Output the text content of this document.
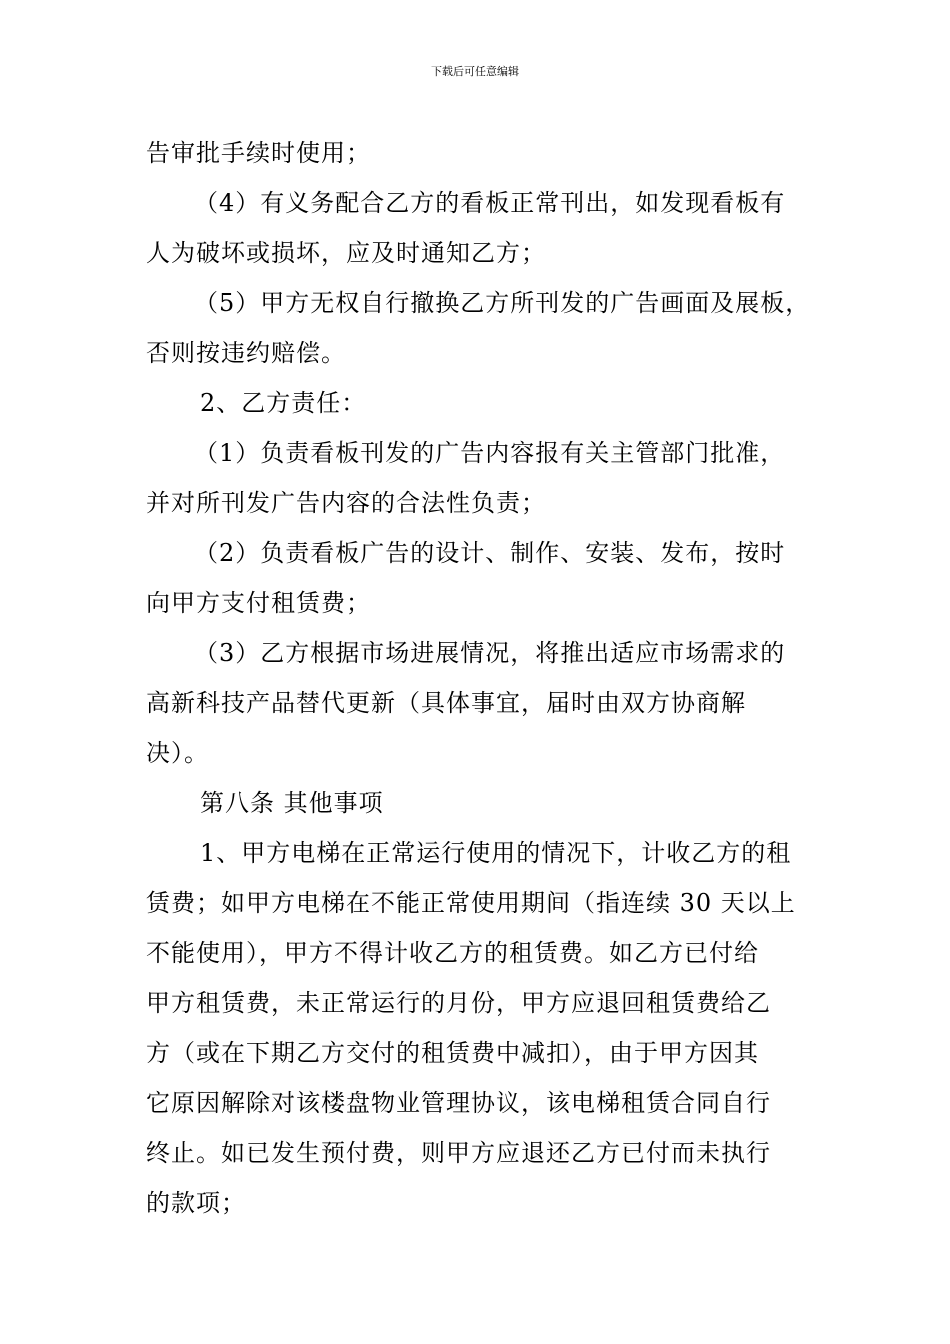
下载后可任意编辑
告审批手续时使用；
（4）有义务配合乙方的看板正常刊出，如发现看板有
人为破坏或损坏，应及时通知乙方；
（5）甲方无权自行撤换乙方所刊发的广告画面及展板，
否则按违约赔偿。
2、乙方责任：
（1）负责看板刊发的广告内容报有关主管部门批准，
并对所刊发广告内容的合法性负责；
（2）负责看板广告的设计、制作、安装、发布，按时
向甲方支付租赁费；
（3）乙方根据市场进展情况，将推出适应市场需求的
高新科技产品替代更新（具体事宜，届时由双方协商解
决）。
第八条 其他事项
1、甲方电梯在正常运行使用的情况下，计收乙方的租
赁费；如甲方电梯在不能正常使用期间（指连续 30 天以上
不能使用），甲方不得计收乙方的租赁费。如乙方已付给
甲方租赁费，未正常运行的月份，甲方应退回租赁费给乙
方（或在下期乙方交付的租赁费中减扣），由于甲方因其
它原因解除对该楼盘物业管理协议，该电梯租赁合同自行
终止。如已发生预付费，则甲方应退还乙方已付而未执行
的款项；
